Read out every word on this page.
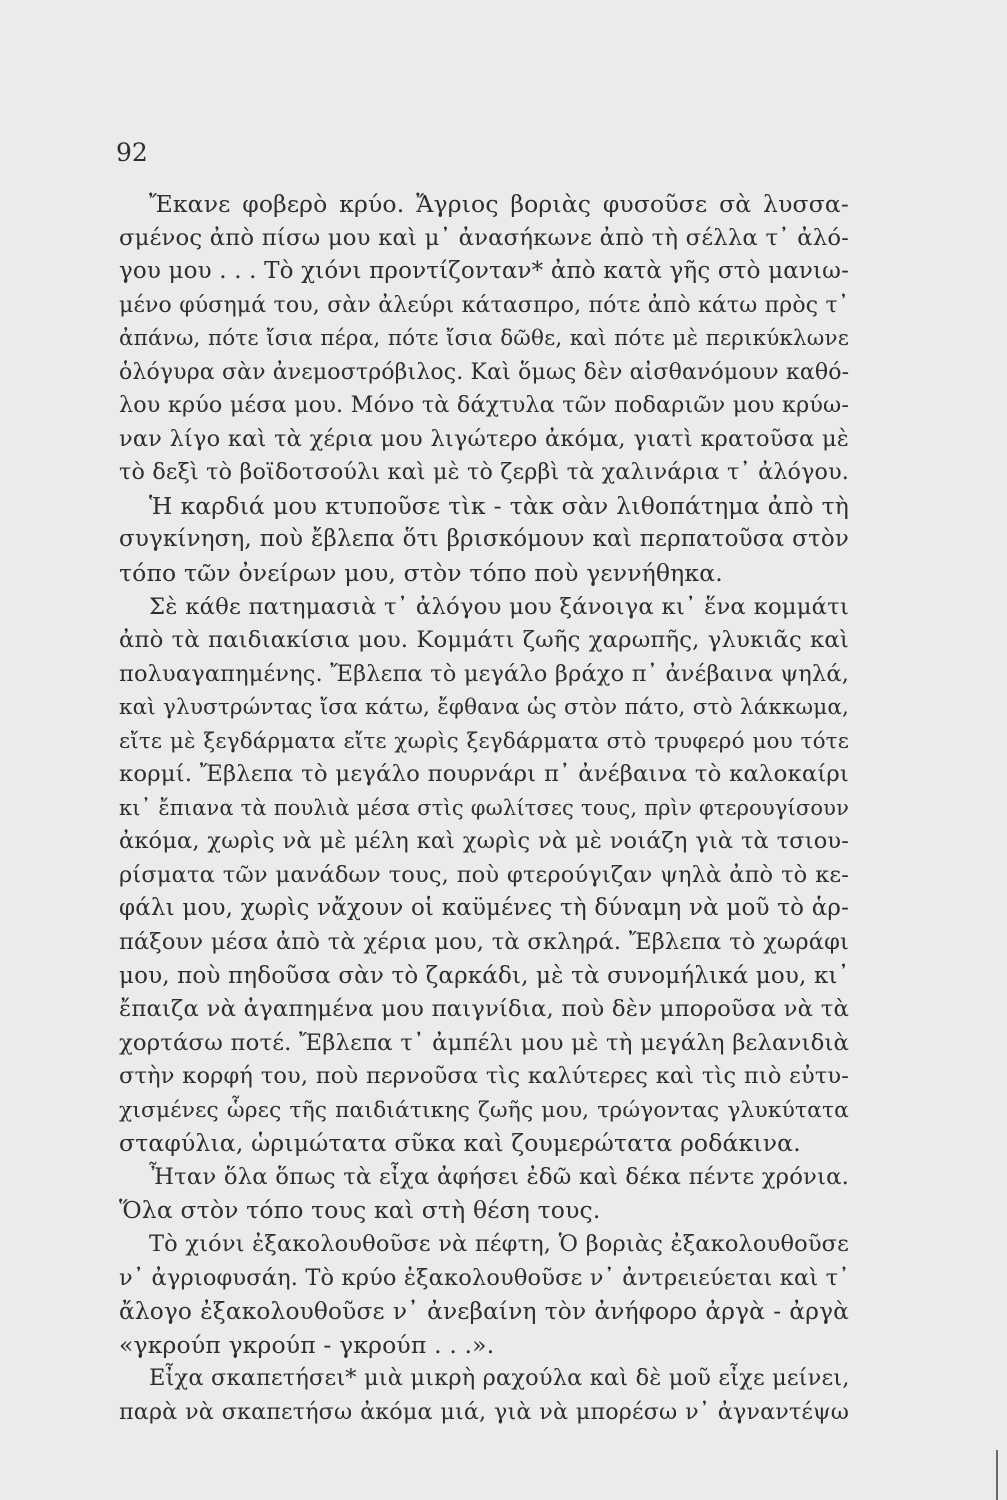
92
Ἔκανε φοβερὸ κρύο. Ἄγριος βοριὰς φυσοῦσε σὰ λυσσα-
σμένος ἀπὸ πίσω μου καὶ μ᾽ ἀνασήκωνε ἀπὸ τὴ σέλλα τ᾽ ἀλό-
γου μου . . . Τὸ χιόνι προντίζονταν* ἀπὸ κατὰ γῆς στὸ μανιω-
μένο φύσημά του, σὰν ἀλεύρι κάτασπρο, πότε ἀπὸ κάτω πρὸς τ᾽
ἀπάνω, πότε ἴσια πέρα, πότε ἴσια δῶθε, καὶ πότε μὲ περικύκλωνε
ὁλόγυρα σὰν ἀνεμοστρόβιλος. Καὶ ὅμως δὲν αἰσθανόμουν καθό-
λου κρύο μέσα μου. Μόνο τὰ δάχτυλα τῶν ποδαριῶν μου κρύω-
ναν λίγο καὶ τὰ χέρια μου λιγώτερο ἀκόμα, γιατὶ κρατοῦσα μὲ
τὸ δεξὶ τὸ βοϊδοτσούλι καὶ μὲ τὸ ζερβὶ τὰ χαλινάρια τ᾽ ἀλόγου.
Ἡ καρδιά μου κτυποῦσε τὶκ - τὰκ σὰν λιθοπάτημα ἀπὸ τὴ
συγκίνηση, ποὺ ἔβλεπα ὅτι βρισκόμουν καὶ περπατοῦσα στὸν
τόπο τῶν ὀνείρων μου, στὸν τόπο ποὺ γεννήθηκα.
Σὲ κάθε πατημασιὰ τ᾽ ἀλόγου μου ξάνοιγα κι᾽ ἕνα κομμάτι
ἀπὸ τὰ παιδιακίσια μου. Κομμάτι ζωῆς χαρωπῆς, γλυκιᾶς καὶ
πολυαγαπημένης. Ἔβλεπα τὸ μεγάλο βράχο π᾽ ἀνέβαινα ψηλά,
καὶ γλυστρώντας ἴσα κάτω, ἔφθανα ὡς στὸν πάτο, στὸ λάκκωμα,
εἴτε μὲ ξεγδάρματα εἴτε χωρὶς ξεγδάρματα στὸ τρυφερό μου τότε
κορμί. Ἔβλεπα τὸ μεγάλο πουρνάρι π᾽ ἀνέβαινα τὸ καλοκαίρι
κι᾽ ἔπιανα τὰ πουλιὰ μέσα στὶς φωλίτσες τους, πρὶν φτερουγίσουν
ἀκόμα, χωρὶς νὰ μὲ μέλη καὶ χωρὶς νὰ μὲ νοιάζη γιὰ τὰ τσιου-
ρίσματα τῶν μανάδων τους, ποὺ φτερούγιζαν ψηλὰ ἀπὸ τὸ κε-
φάλι μου, χωρὶς νἄχουν οἱ καϋμένες τὴ δύναμη νὰ μοῦ τὸ ἁρ-
πάξουν μέσα ἀπὸ τὰ χέρια μου, τὰ σκληρά. Ἔβλεπα τὸ χωράφι
μου, ποὺ πηδοῦσα σὰν τὸ ζαρκάδι, μὲ τὰ συνομήλικά μου, κι᾽
ἔπαιζα νὰ ἀγαπημένα μου παιγνίδια, ποὺ δὲν μποροῦσα νὰ τὰ
χορτάσω ποτέ. Ἔβλεπα τ᾽ ἀμπέλι μου μὲ τὴ μεγάλη βελανιδιὰ
στὴν κορφή του, ποὺ περνοῦσα τὶς καλύτερες καὶ τὶς πιὸ εὐτυ-
χισμένες ὧρες τῆς παιδιάτικης ζωῆς μου, τρώγοντας γλυκύτατα
σταφύλια, ὡριμώτατα σῦκα καὶ ζουμερώτατα ροδάκινα.
Ἦταν ὅλα ὅπως τὰ εἶχα ἀφήσει ἐδῶ καὶ δέκα πέντε χρόνια.
Ὅλα στὸν τόπο τους καὶ στὴ θέση τους.
Τὸ χιόνι ἐξακολουθοῦσε νὰ πέφτη, Ὁ βοριὰς ἐξακολουθοῦσε
ν᾽ ἀγριοφυσάη. Τὸ κρύο ἐξακολουθοῦσε ν᾽ ἀντρειεύεται καὶ τ᾽
ἄλογο ἐξακολουθοῦσε ν᾽ ἀνεβαίνη τὸν ἀνήφορο ἀργὰ - ἀργὰ
«γκρούπ γκρούπ - γκρούπ . . .».
Εἶχα σκαπετήσει* μιὰ μικρὴ ραχούλα καὶ δὲ μοῦ εἶχε μείνει,
παρὰ νὰ σκαπετήσω ἀκόμα μιά, γιὰ νὰ μπορέσω ν᾽ ἀγναντέψω
